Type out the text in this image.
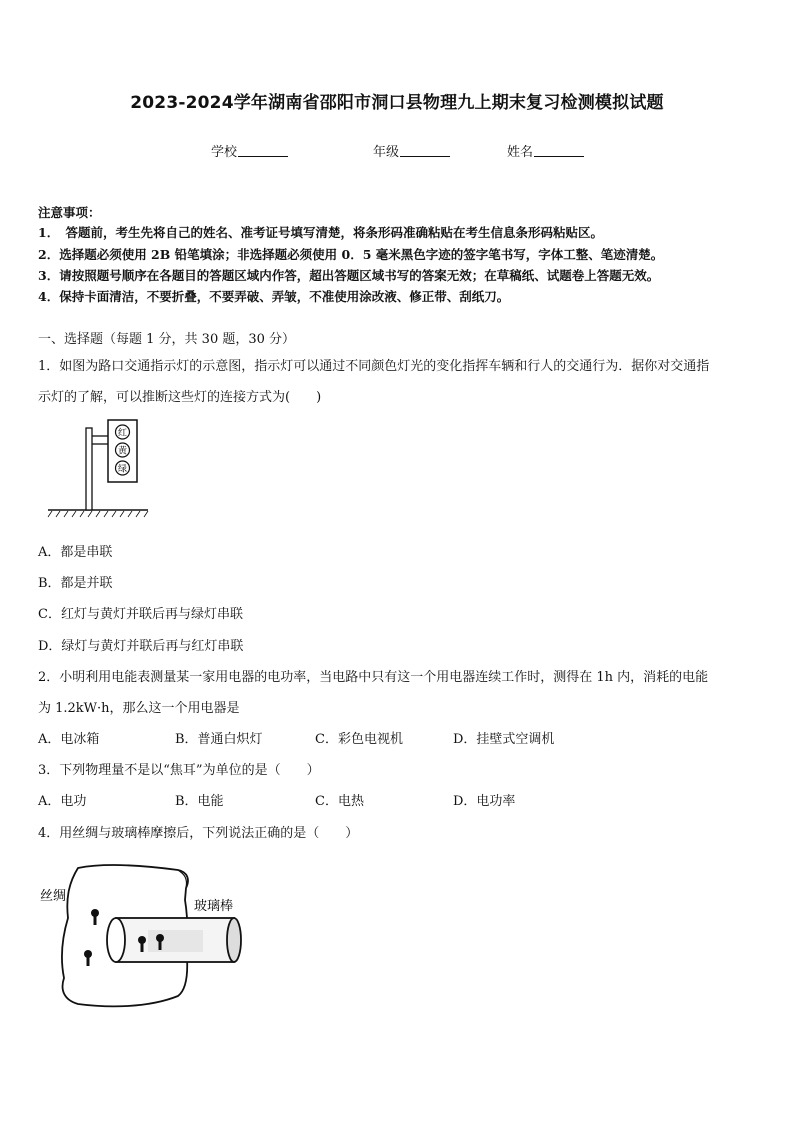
2023-2024学年湖南省邵阳市洞口县物理九上期末复习检测模拟试题
学校	年级	姓名
注意事项：
1．　答题前，考生先将自己的姓名、准考证号填写清楚，将条形码准确粘贴在考生信息条形码粘贴区。
2．选择题必须使用 2B 铅笔填涂；非选择题必须使用 0．5 毫米黑色字迹的签字笔书写，字体工整、笔迹清楚。
3．请按照题号顺序在各题目的答题区域内作答，超出答题区域书写的答案无效；在草稿纸、试题卷上答题无效。
4．保持卡面清洁，不要折叠，不要弄破、弄皱，不准使用涂改液、修正带、刮纸刀。
一、选择题（每题 1 分，共 30 题，30 分）
1．如图为路口交通指示灯的示意图，指示灯可以通过不同颜色灯光的变化指挥车辆和行人的交通行为．据你对交通指
示灯的了解，可以推断这些灯的连接方式为(　　)
红
黄
绿
A．都是串联
B．都是并联
C．红灯与黄灯并联后再与绿灯串联
D．绿灯与黄灯并联后再与红灯串联
2．小明利用电能表测量某一家用电器的电功率，当电路中只有这一个用电器连续工作时，测得在 1h 内，消耗的电能
为 1.2kW·h，那么这一个用电器是
A．电冰箱	B．普通白炽灯	C．彩色电视机	D．挂壁式空调机
3．下列物理量不是以“焦耳”为单位的是（　　）
A．电功	B．电能	C．电热	D．电功率
4．用丝绸与玻璃棒摩擦后，下列说法正确的是（　　）
丝绸
玻璃棒
